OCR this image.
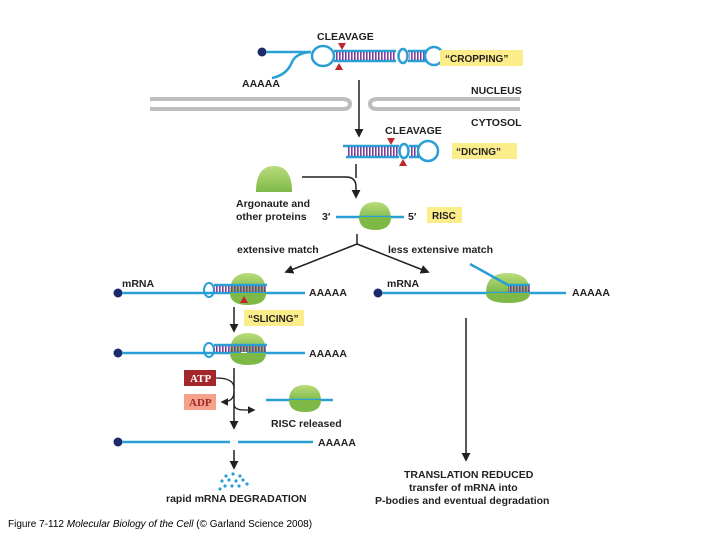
CLEAVAGE
AAAAA
“CROPPING”
NUCLEUS
CYTOSOL
CLEAVAGE
“DICING”
Argonaute and
other proteins 3′	5′ RISC
extensive match	less extensive match
mRNA
AAAAA
“SLICING”
AAAAA
ATP
ADP
RISC released
AAAAA
rapid mRNA DEGRADATION
mRNA
AAAAA
TRANSLATION REDUCED
transfer of mRNA into
P-bodies and eventual degradation
Figure 7-112 Molecular Biology of the Cell (© Garland Science 2008)
